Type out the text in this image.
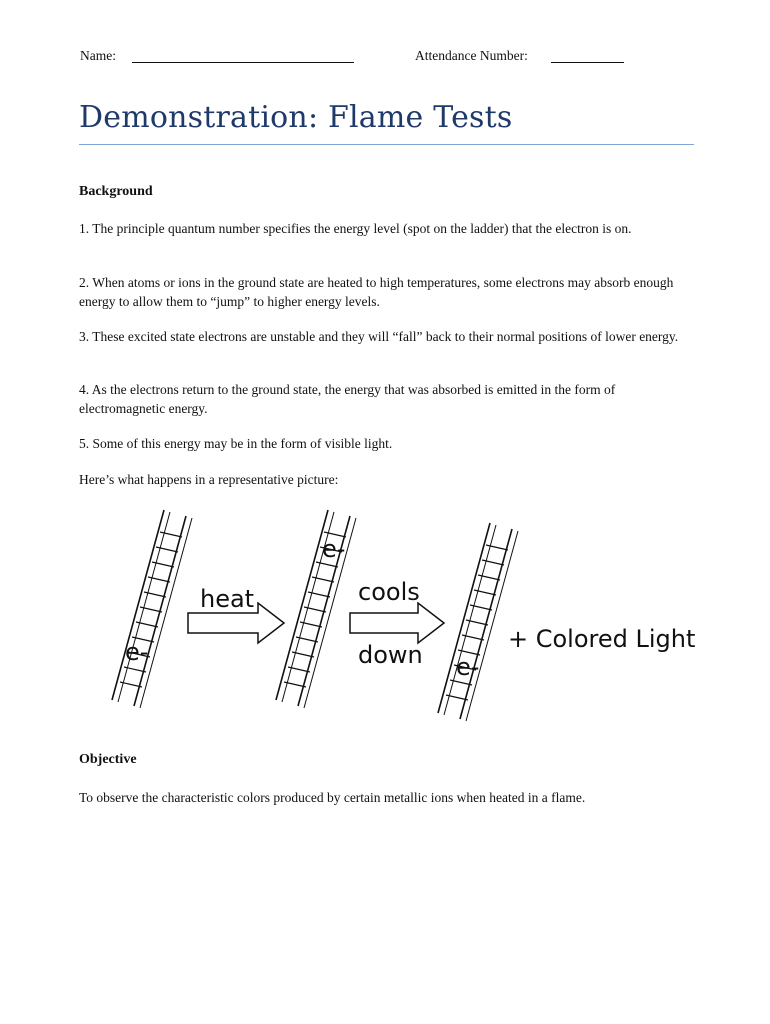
Name:	Attendance Number:
Demonstration: Flame Tests
Background

1. The principle quantum number specifies the energy level (spot on the ladder) that the electron is on.

2. When atoms or ions in the ground state are heated to high temperatures, some electrons may absorb enough energy to allow them to “jump” to higher energy levels.

3. These excited state electrons are unstable and they will “fall” back to their normal positions of lower energy.

4. As the electrons return to the ground state, the energy that was absorbed is emitted in the form of electromagnetic energy.

5. Some of this energy may be in the form of visible light.

Here’s what happens in a representative picture:

e-
heat
e-
cools
down e-
+ Colored Light
Objective

To observe the characteristic colors produced by certain metallic ions when heated in a flame.
